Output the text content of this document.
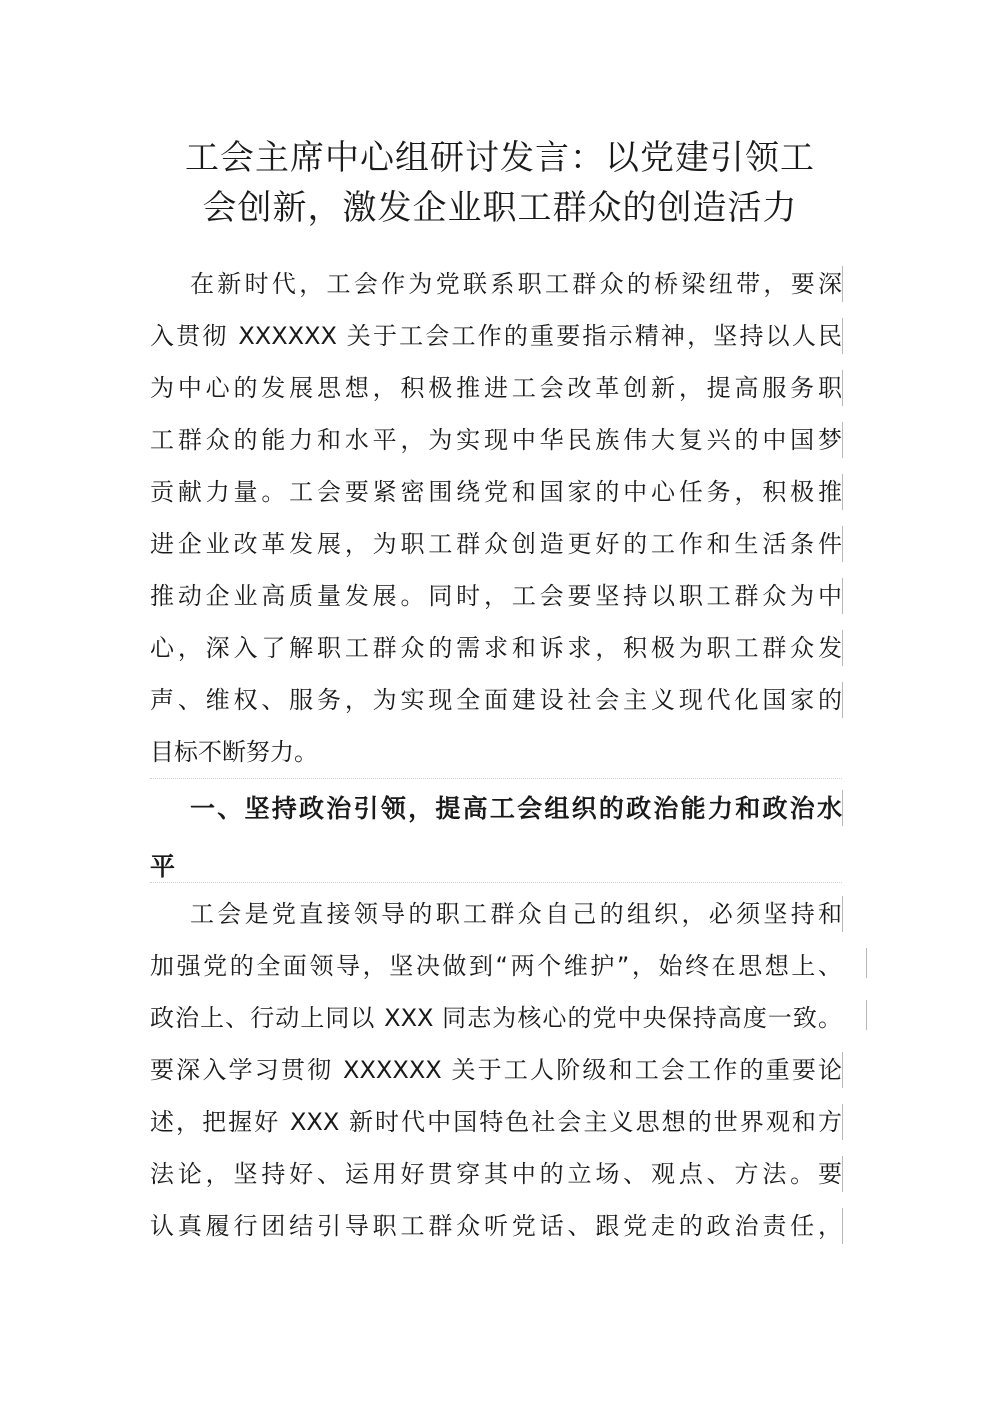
工会主席中心组研讨发言：以党建引领工
会创新，激发企业职工群众的创造活力
在新时代，工会作为党联系职工群众的桥梁纽带，要深
入贯彻 XXXXXX 关于工会工作的重要指示精神，坚持以人民
为中心的发展思想，积极推进工会改革创新，提高服务职
工群众的能力和水平，为实现中华民族伟大复兴的中国梦
贡献力量。工会要紧密围绕党和国家的中心任务，积极推
进企业改革发展，为职工群众创造更好的工作和生活条件
推动企业高质量发展。同时，工会要坚持以职工群众为中
心，深入了解职工群众的需求和诉求，积极为职工群众发
声、维权、服务，为实现全面建设社会主义现代化国家的
目标不断努力。
一、坚持政治引领，提高工会组织的政治能力和政治水
平
工会是党直接领导的职工群众自己的组织，必须坚持和
加强党的全面领导，坚决做到“两个维护”，始终在思想上、
政治上、行动上同以 XXX 同志为核心的党中央保持高度一致。
要深入学习贯彻 XXXXXX 关于工人阶级和工会工作的重要论
述，把握好 XXX 新时代中国特色社会主义思想的世界观和方
法论，坚持好、运用好贯穿其中的立场、观点、方法。要
认真履行团结引导职工群众听党话、跟党走的政治责任，
